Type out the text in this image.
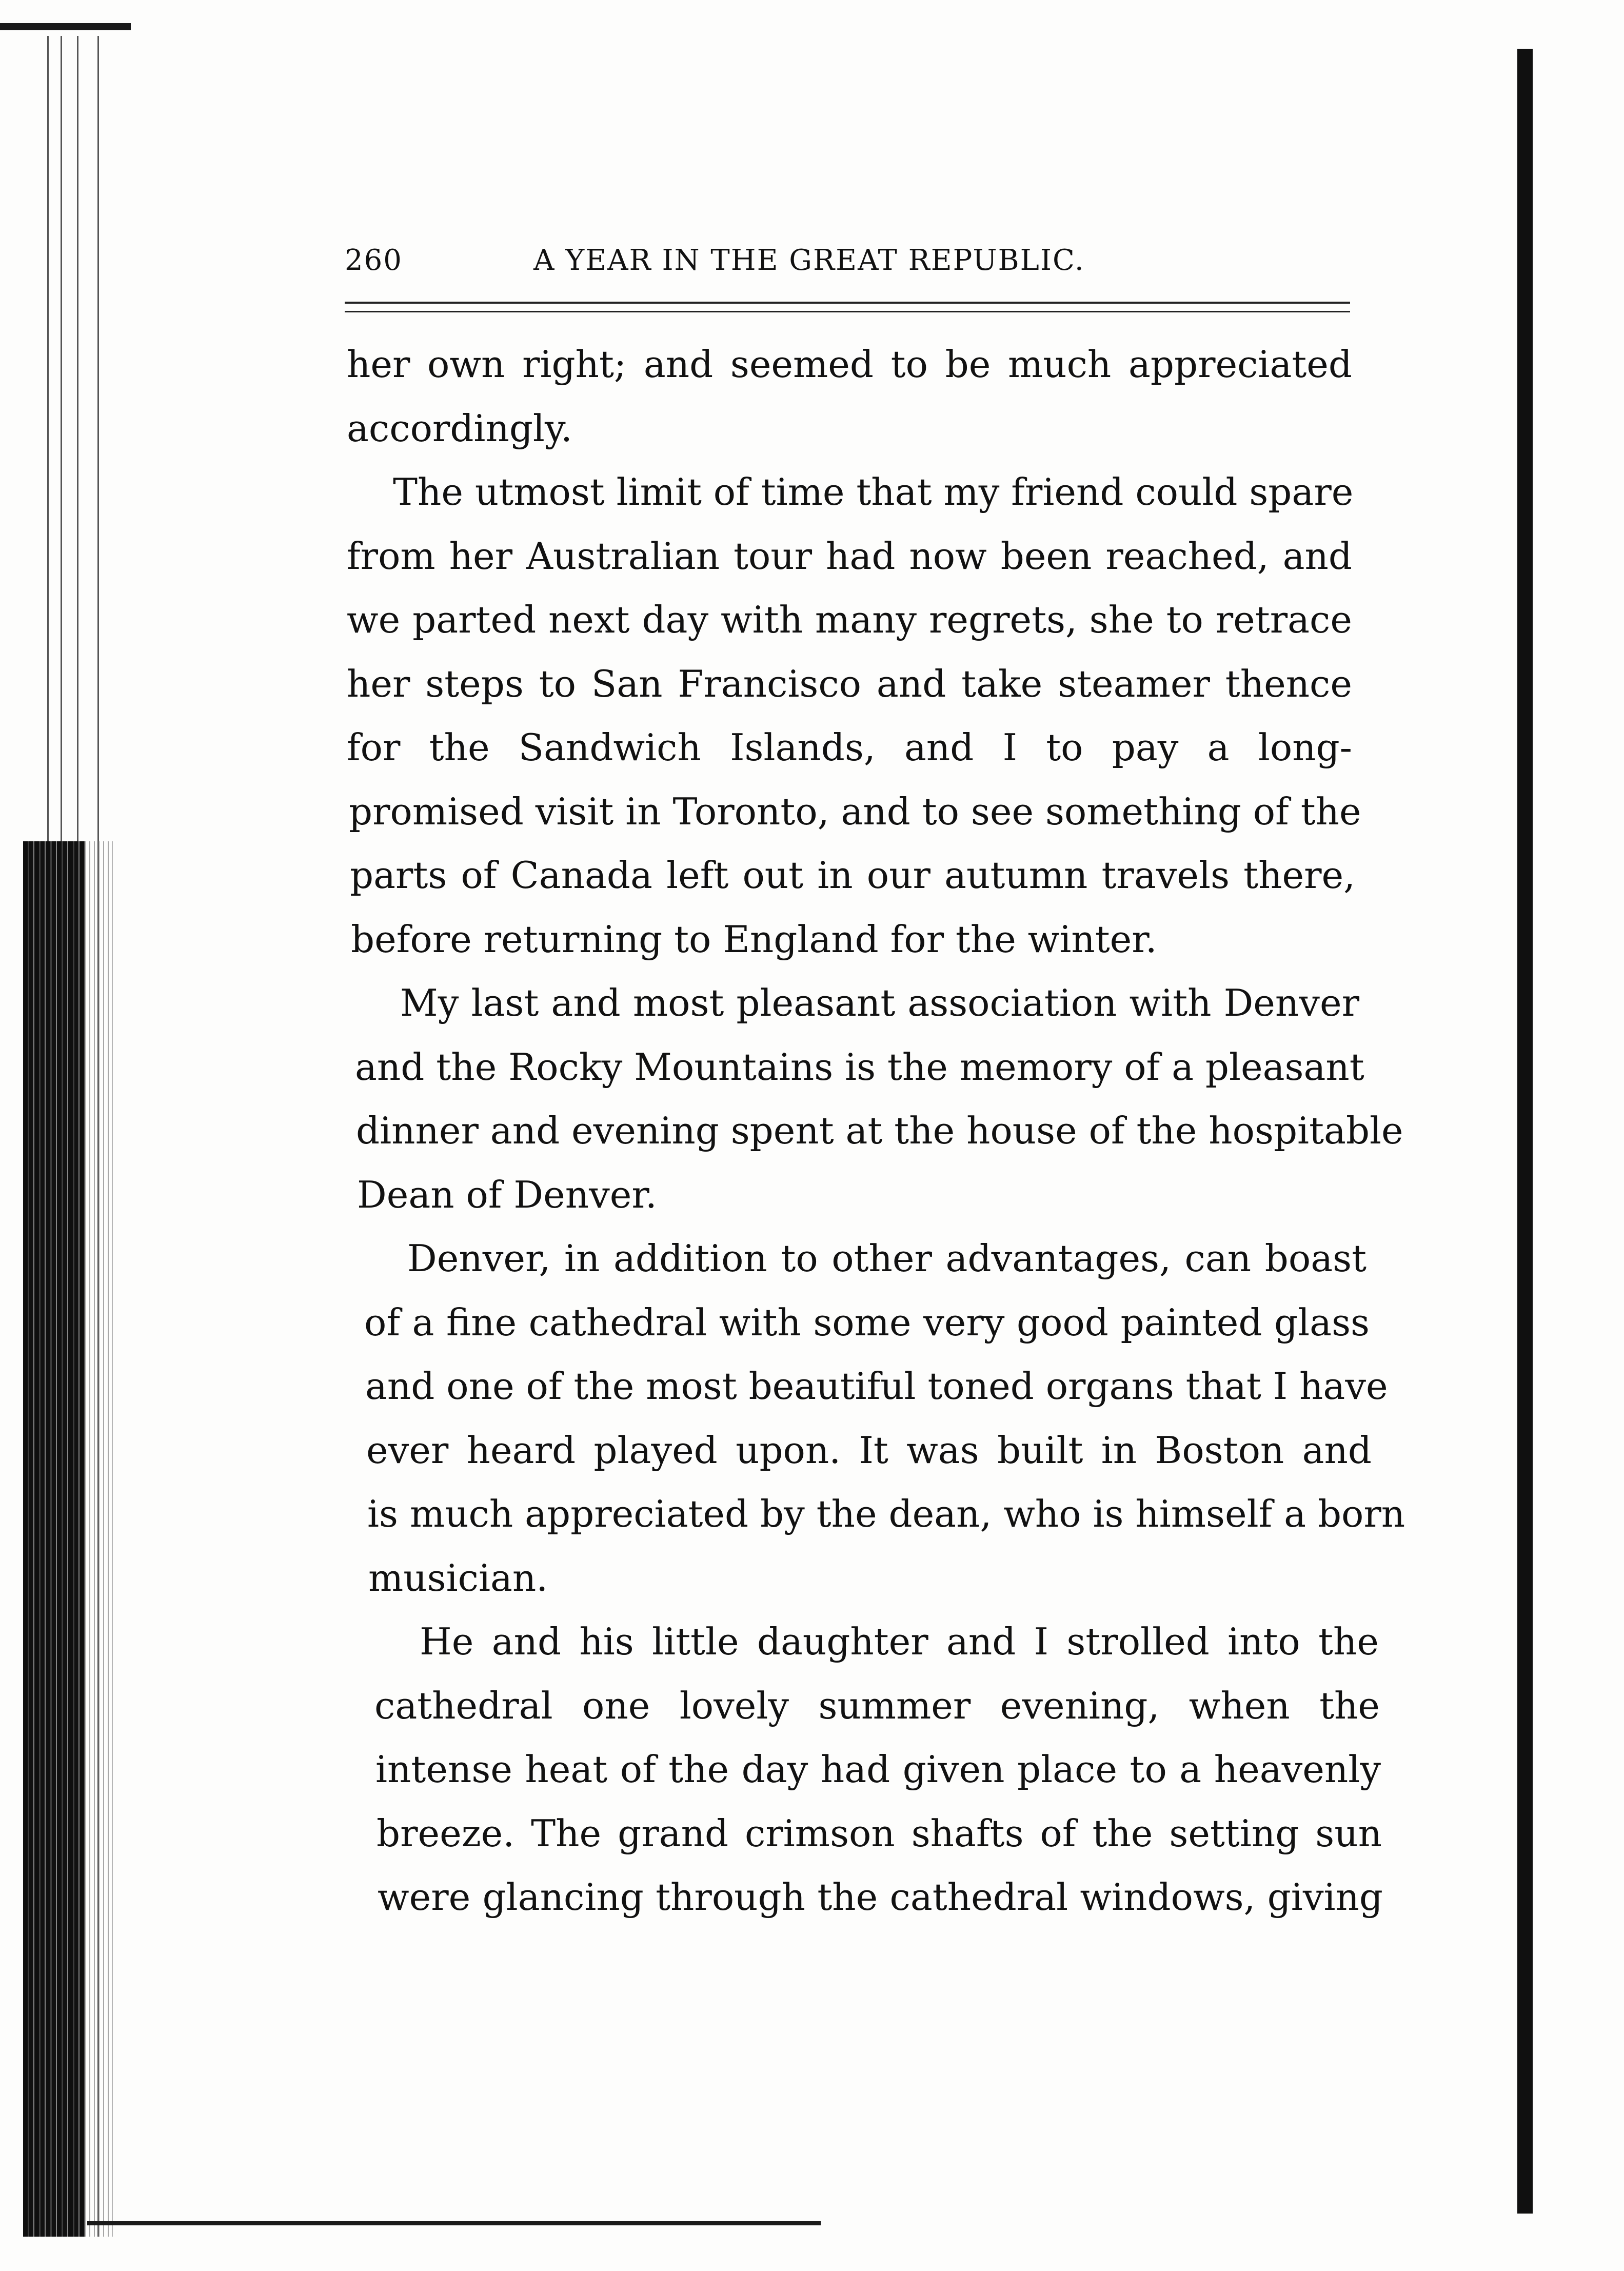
260	A YEAR IN THE GREAT REPUBLIC.
her own right; and seemed to be much appreciated
accordingly.
The utmost limit of time that my friend could spare
from her Australian tour had now been reached, and
we parted next day with many regrets, she to retrace
her steps to San Francisco and take steamer thence
for the Sandwich Islands, and I to pay a long-
promised visit in Toronto, and to see something of the
parts of Canada left out in our autumn travels there,
before returning to England for the winter.
My last and most pleasant association with Denver
and the Rocky Mountains is the memory of a pleasant
dinner and evening spent at the house of the hospitable
Dean of Denver.
Denver, in addition to other advantages, can boast
of a fine cathedral with some very good painted glass
and one of the most beautiful toned organs that I have
ever heard played upon. It was built in Boston and
is much appreciated by the dean, who is himself a born
musician.
He and his little daughter and I strolled into the
cathedral one lovely summer evening, when the
intense heat of the day had given place to a heavenly
breeze. The grand crimson shafts of the setting sun
were glancing through the cathedral windows, giving
